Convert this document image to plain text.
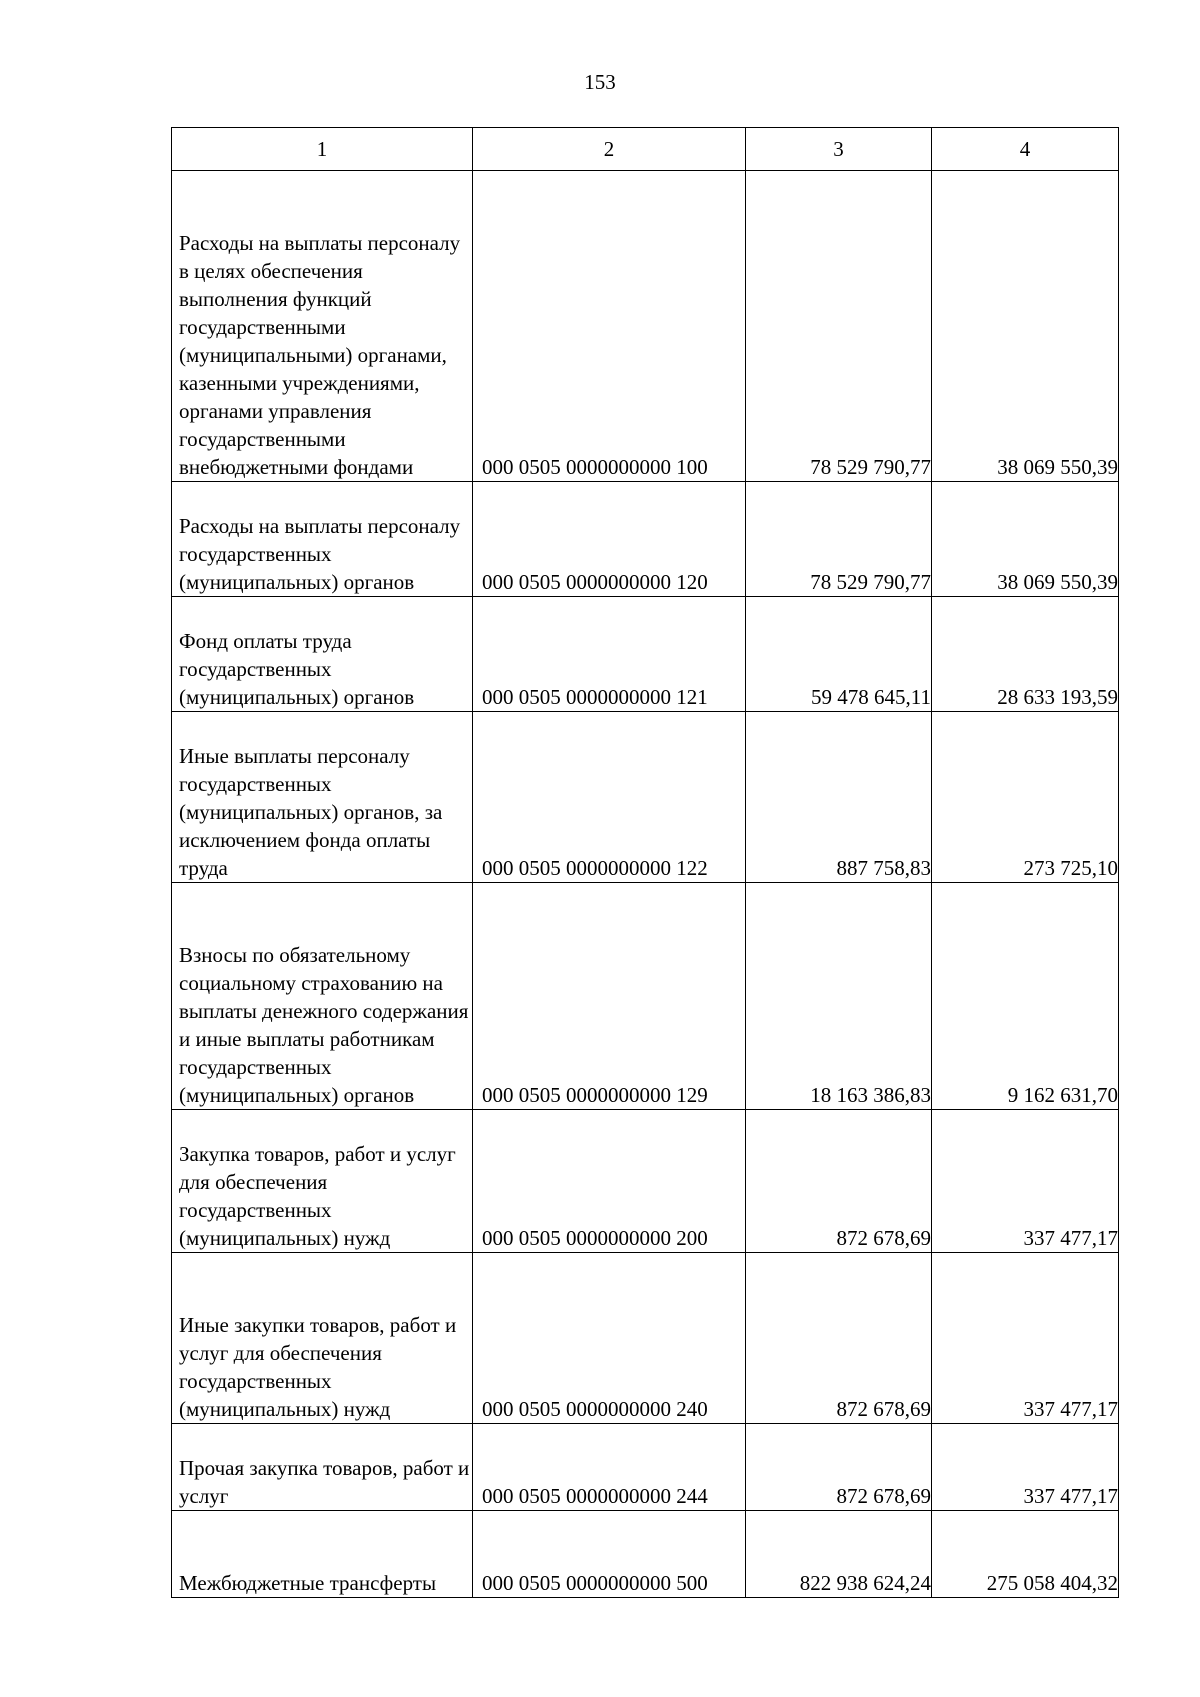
153
1	2	3	4

Расходы на выплаты персоналу в целях обеспечения выполнения функций государственными (муниципальными) органами, казенными учреждениями, органами управления государственными внебюджетными фондами	000 0505 0000000000 100	78 529 790,77	38 069 550,39

Расходы на выплаты персоналу государственных (муниципальных) органов	000 0505 0000000000 120	78 529 790,77	38 069 550,39

Фонд оплаты труда государственных (муниципальных) органов	000 0505 0000000000 121	59 478 645,11	28 633 193,59

Иные выплаты персоналу государственных (муниципальных) органов, за исключением фонда оплаты труда	000 0505 0000000000 122	887 758,83	273 725,10

Взносы по обязательному социальному страхованию на выплаты денежного содержания и иные выплаты работникам государственных (муниципальных) органов	000 0505 0000000000 129	18 163 386,83	9 162 631,70

Закупка товаров, работ и услуг для обеспечения государственных (муниципальных) нужд	000 0505 0000000000 200	872 678,69	337 477,17

Иные закупки товаров, работ и услуг для обеспечения государственных (муниципальных) нужд	000 0505 0000000000 240	872 678,69	337 477,17

Прочая закупка товаров, работ и услуг	000 0505 0000000000 244	872 678,69	337 477,17

Межбюджетные трансферты	000 0505 0000000000 500	822 938 624,24	275 058 404,32
